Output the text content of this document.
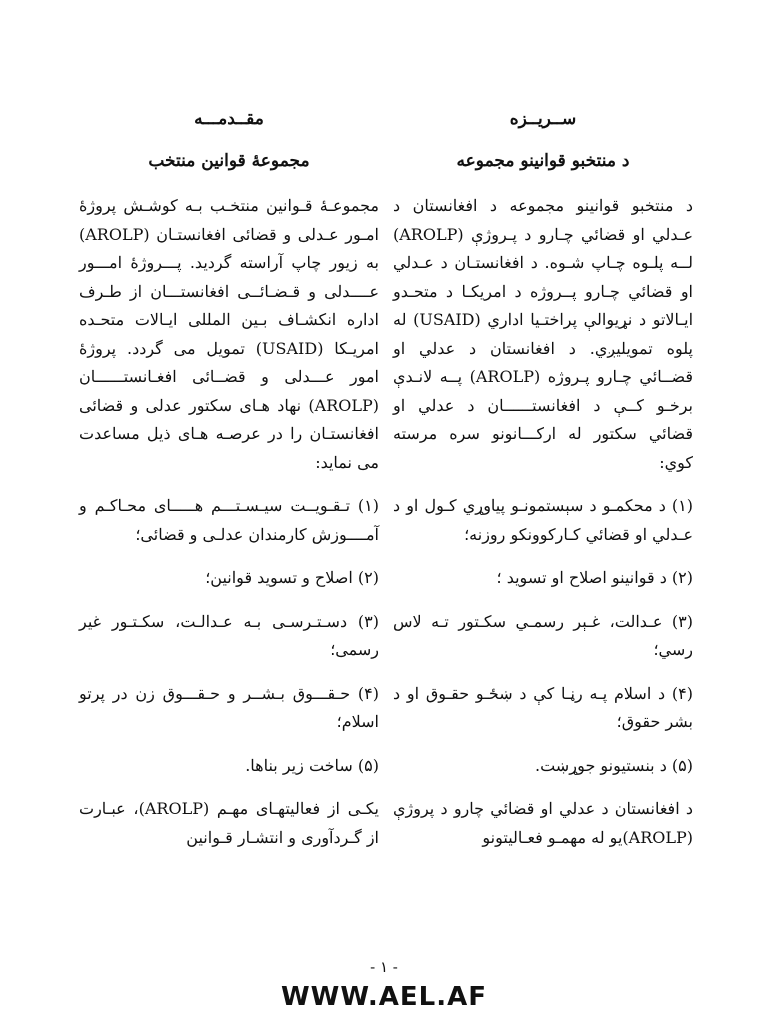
ســريــزه
د منتخبو قوانينو مجموعه

د منتخبو قوانينو مجموعه د افغانستان د عـدلي او قضائي چـارو د پـروژې (AROLP) لــه پلـوه چـاپ شـوه. د افغانستـان د عـدلي او قضائي چـارو پــروژه د امريكـا د متحـدو ايـالاتو د نړيوالې پراختـيا اداري (USAID) له پلوه تمويليږي. د افغانستان د عدلي او قضــائي چـارو پـروژه (AROLP) پــه لانـدې برخـو كــې د افغانستــــــان د عدلي او قضائي سكتور له اركـــانونو سره مرسته كوي:

(۱) د محكمـو د سېستمونـو پياوړي كـول او د عـدلي او قضائي كـاركوونكو روزنه؛

(۲) د قوانينو اصلاح او تسويد ؛

(۳) عـدالت، غـېر رسمـي سكـتور تـه لاس رسي؛

(۴) د اسلام پـه رڼـا كې د ښځـو حقـوق او د بشر حقوق؛

(۵) د بنستيونو جوړښت.

د افغانستان د عدلي او قضائي چارو د پروژې (AROLP)يو له مهمـو فعـاليتونو

مقــدمـــه
مجموعۀ قوانين منتخب

مجموعـۀ قـوانين منتخـب بـه كوشـش پروژۀ امـور عـدلی و قضائی افغانستـان (AROLP) به زيور چاپ آراسته گرديد. پـــروژۀ امـــور عــــدلی و قـضـائــی افغانستـــان از طـرف اداره انكشـاف بـين المللی ايـالات متحـده امريـكا (USAID) تمويل می گردد. پروژۀ امور عـــدلی و قضــائی افغـانستــــــان (AROLP) نهاد هـای سكتور عدلی و قضائی افغانستـان را در عرصـه هـای ذيل مساعدت می نمايد:

(۱) تـقـويــت سيـسـتـــم هـــــای محـاكـم و آمــــوزش كارمندان عدلـی و قضائی؛

(۲) اصلاح و تسويد قوانين؛

(۳) دسـتـرسـی بـه عـدالـت، سكـتـور غير رسمی؛

(۴) حـقـــوق بـشــر و حـقـــوق زن در پرتو اسلام؛

(۵) ساخت زير بناها.

يكـی از فعاليتهـای مهـم (AROLP)، عبـارت از گـردآوری و انتشـار قـوانين

- ۱ -
WWW.AEL.AF
